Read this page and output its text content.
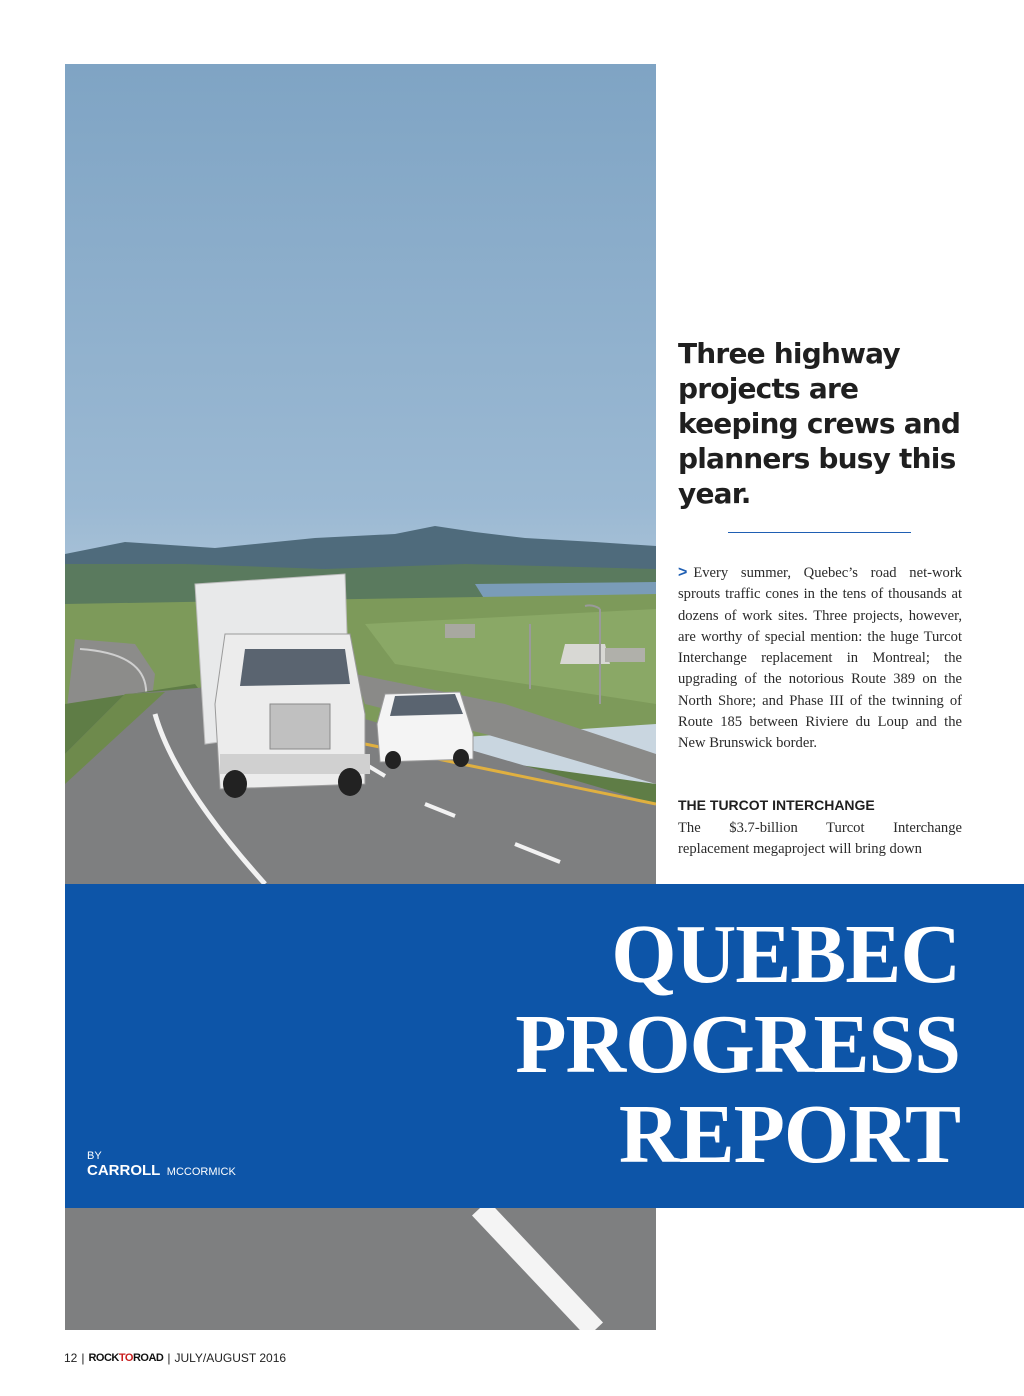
Three highway projects are keeping crews and planners busy this year.
> Every summer, Quebec’s road net-work sprouts traffic cones in the tens of thousands at dozens of work sites. Three projects, however, are worthy of special mention: the huge Turcot Interchange replacement in Montreal; the upgrading of the notorious Route 389 on the North Shore; and Phase III of the twinning of Route 185 between Riviere du Loup and the New Brunswick border.
THE TURCOT INTERCHANGE
The $3.7-billion Turcot Interchange replacement megaproject will bring down
QUEBEC
PROGRESS
REPORT
BY
CARROLL MCCORMICK
12 | ROCKTOROAD | JULY/AUGUST 2016
